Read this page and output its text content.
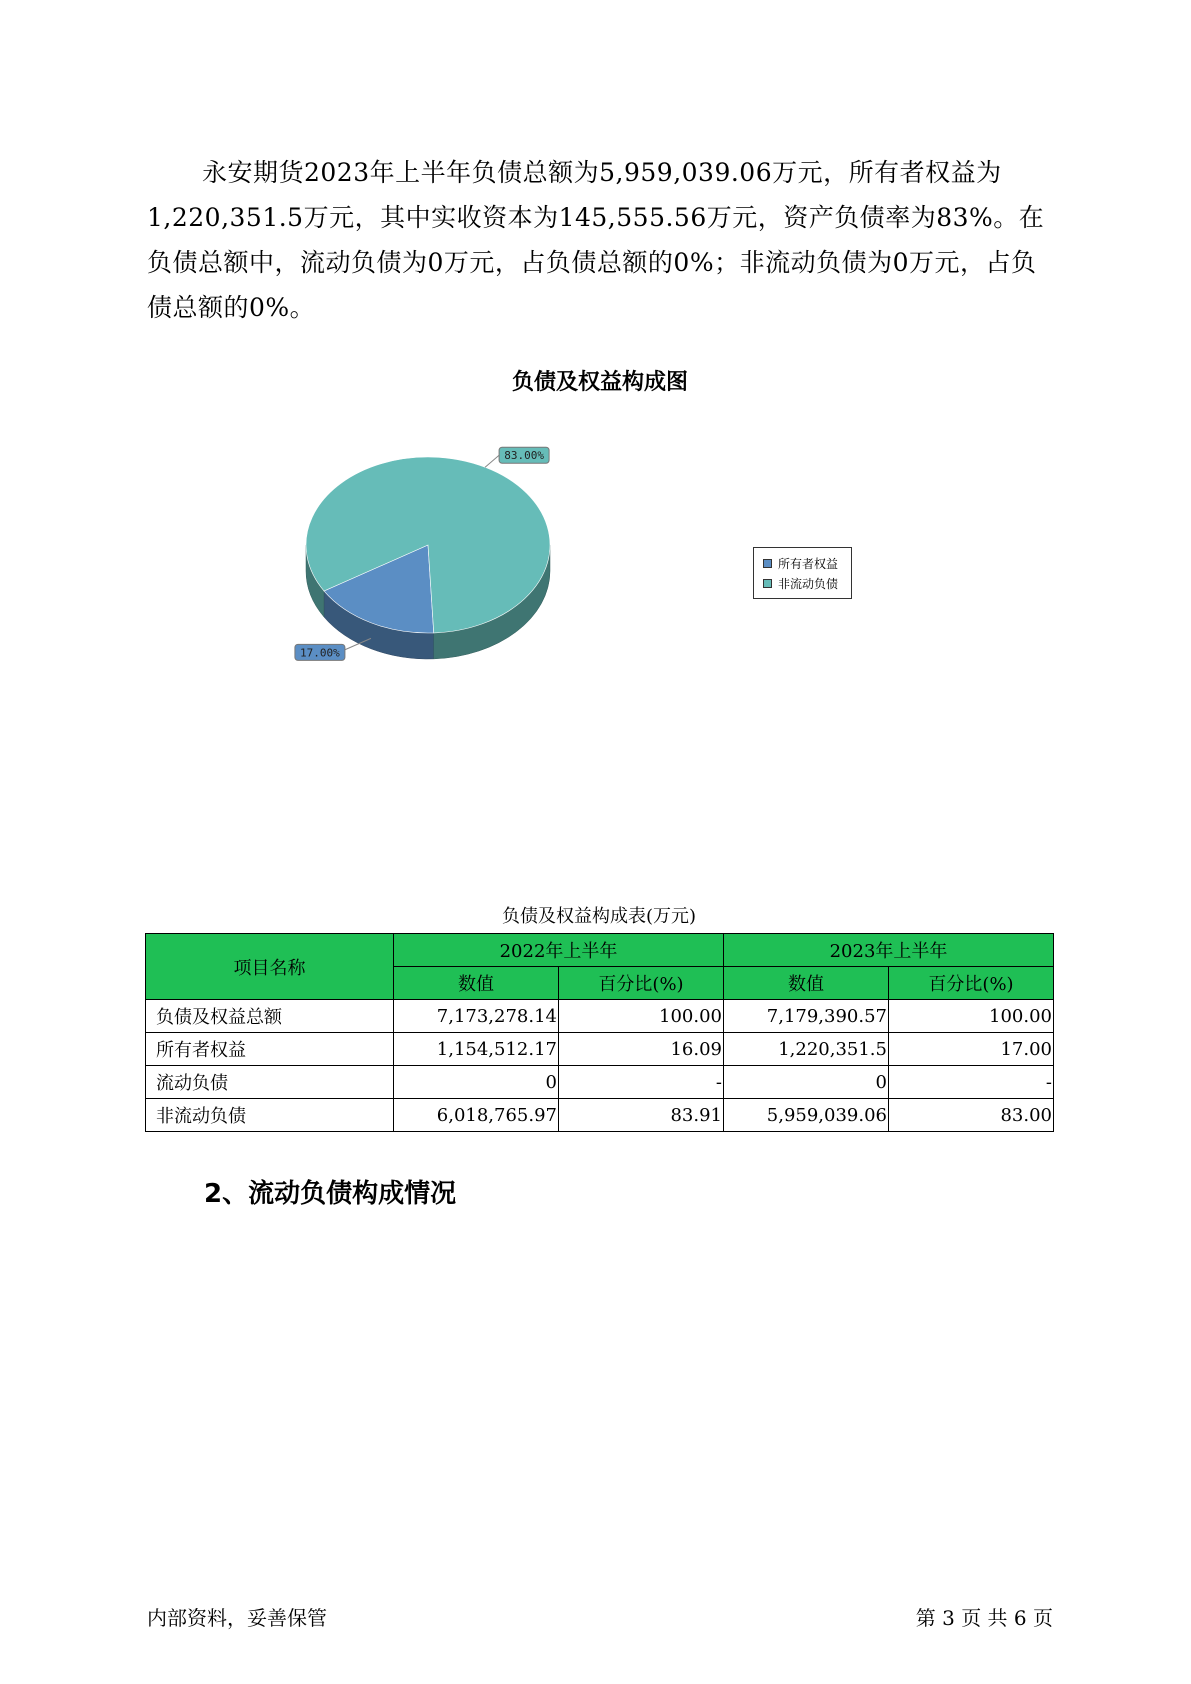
永安期货2023年上半年负债总额为5,959,039.06万元，所有者权益为1,220,351.5万元，其中实收资本为145,555.56万元，资产负债率为83%。在负债总额中，流动负债为0万元，占负债总额的0%；非流动负债为0万元，占负债总额的0%。

负债及权益构成图
17.00%
83.00%
所有者权益
非流动负债
负债及权益构成表(万元)
项目名称	2022年上半年		2023年上半年	
	数值	百分比(%)	数值	百分比(%)
负债及权益总额	7,173,278.14	100.00	7,179,390.57	100.00
所有者权益	1,154,512.17	16.09	1,220,351.5	17.00
流动负债	0	-	0	-
非流动负债	6,018,765.97	83.91	5,959,039.06	83.00
2、流动负债构成情况
内部资料，妥善保管	第 3 页 共 6 页
